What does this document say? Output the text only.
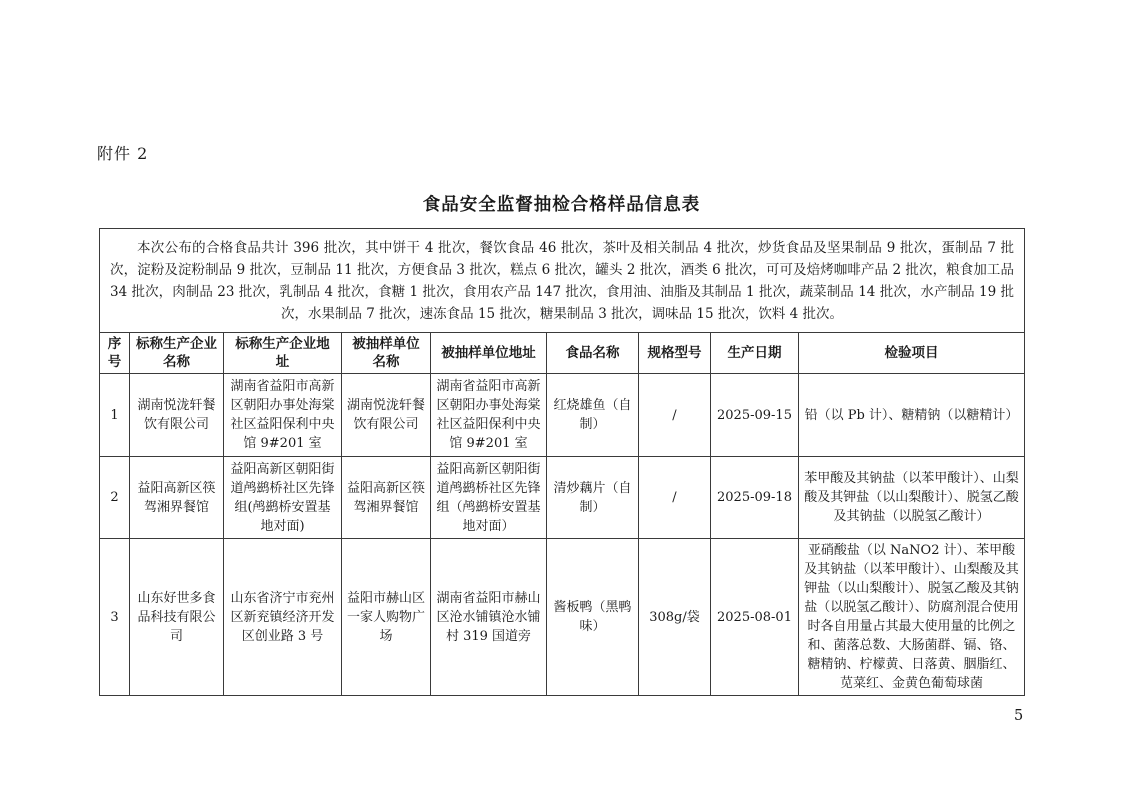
附件 2
食品安全监督抽检合格样品信息表

本次公布的合格食品共计 396 批次，其中饼干 4 批次，餐饮食品 46 批次，茶叶及相关制品 4 批次，炒货食品及坚果制品 9 批次，蛋制品 7 批次，淀粉及淀粉制品 9 批次，豆制品 11 批次，方便食品 3 批次，糕点 6 批次，罐头 2 批次，酒类 6 批次，可可及焙烤咖啡产品 2 批次，粮食加工品 34 批次，肉制品 23 批次，乳制品 4 批次，食糖 1 批次，食用农产品 147 批次，食用油、油脂及其制品 1 批次，蔬菜制品 14 批次，水产制品 19 批次，水果制品 7 批次，速冻食品 15 批次，糖果制品 3 批次，调味品 15 批次，饮料 4 批次。								

序号	标称生产企业名称	标称生产企业地址	被抽样单位名称	被抽样单位地址	食品名称	规格型号	生产日期	检验项目
1	湖南悦泷轩餐饮有限公司	湖南省益阳市高新区朝阳办事处海棠社区益阳保利中央馆 9#201 室	湖南悦泷轩餐饮有限公司	湖南省益阳市高新区朝阳办事处海棠社区益阳保利中央馆 9#201 室	红烧雄鱼（自制）	/	2025-09-15	铅（以 Pb 计）、糖精钠（以糖精计）
2	益阳高新区筷驾湘界餐馆	益阳高新区朝阳街道鸬鹚桥社区先锋组(鸬鹚桥安置基地对面)	益阳高新区筷驾湘界餐馆	益阳高新区朝阳街道鸬鹚桥社区先锋组（鸬鹚桥安置基地对面）	清炒藕片（自制）	/	2025-09-18	苯甲酸及其钠盐（以苯甲酸计）、山梨酸及其钾盐（以山梨酸计）、脱氢乙酸及其钠盐（以脱氢乙酸计）
3	山东好世多食品科技有限公司	山东省济宁市兖州区新兖镇经济开发区创业路 3 号	益阳市赫山区一家人购物广场	湖南省益阳市赫山区沧水铺镇沧水铺村 319 国道旁	酱板鸭（黑鸭味）	308g/袋	2025-08-01	亚硝酸盐（以 NaNO2 计）、苯甲酸及其钠盐（以苯甲酸计）、山梨酸及其钾盐（以山梨酸计）、脱氢乙酸及其钠盐（以脱氢乙酸计）、防腐剂混合使用时各自用量占其最大使用量的比例之和、菌落总数、大肠菌群、镉、铬、糖精钠、柠檬黄、日落黄、胭脂红、苋菜红、金黄色葡萄球菌
5
